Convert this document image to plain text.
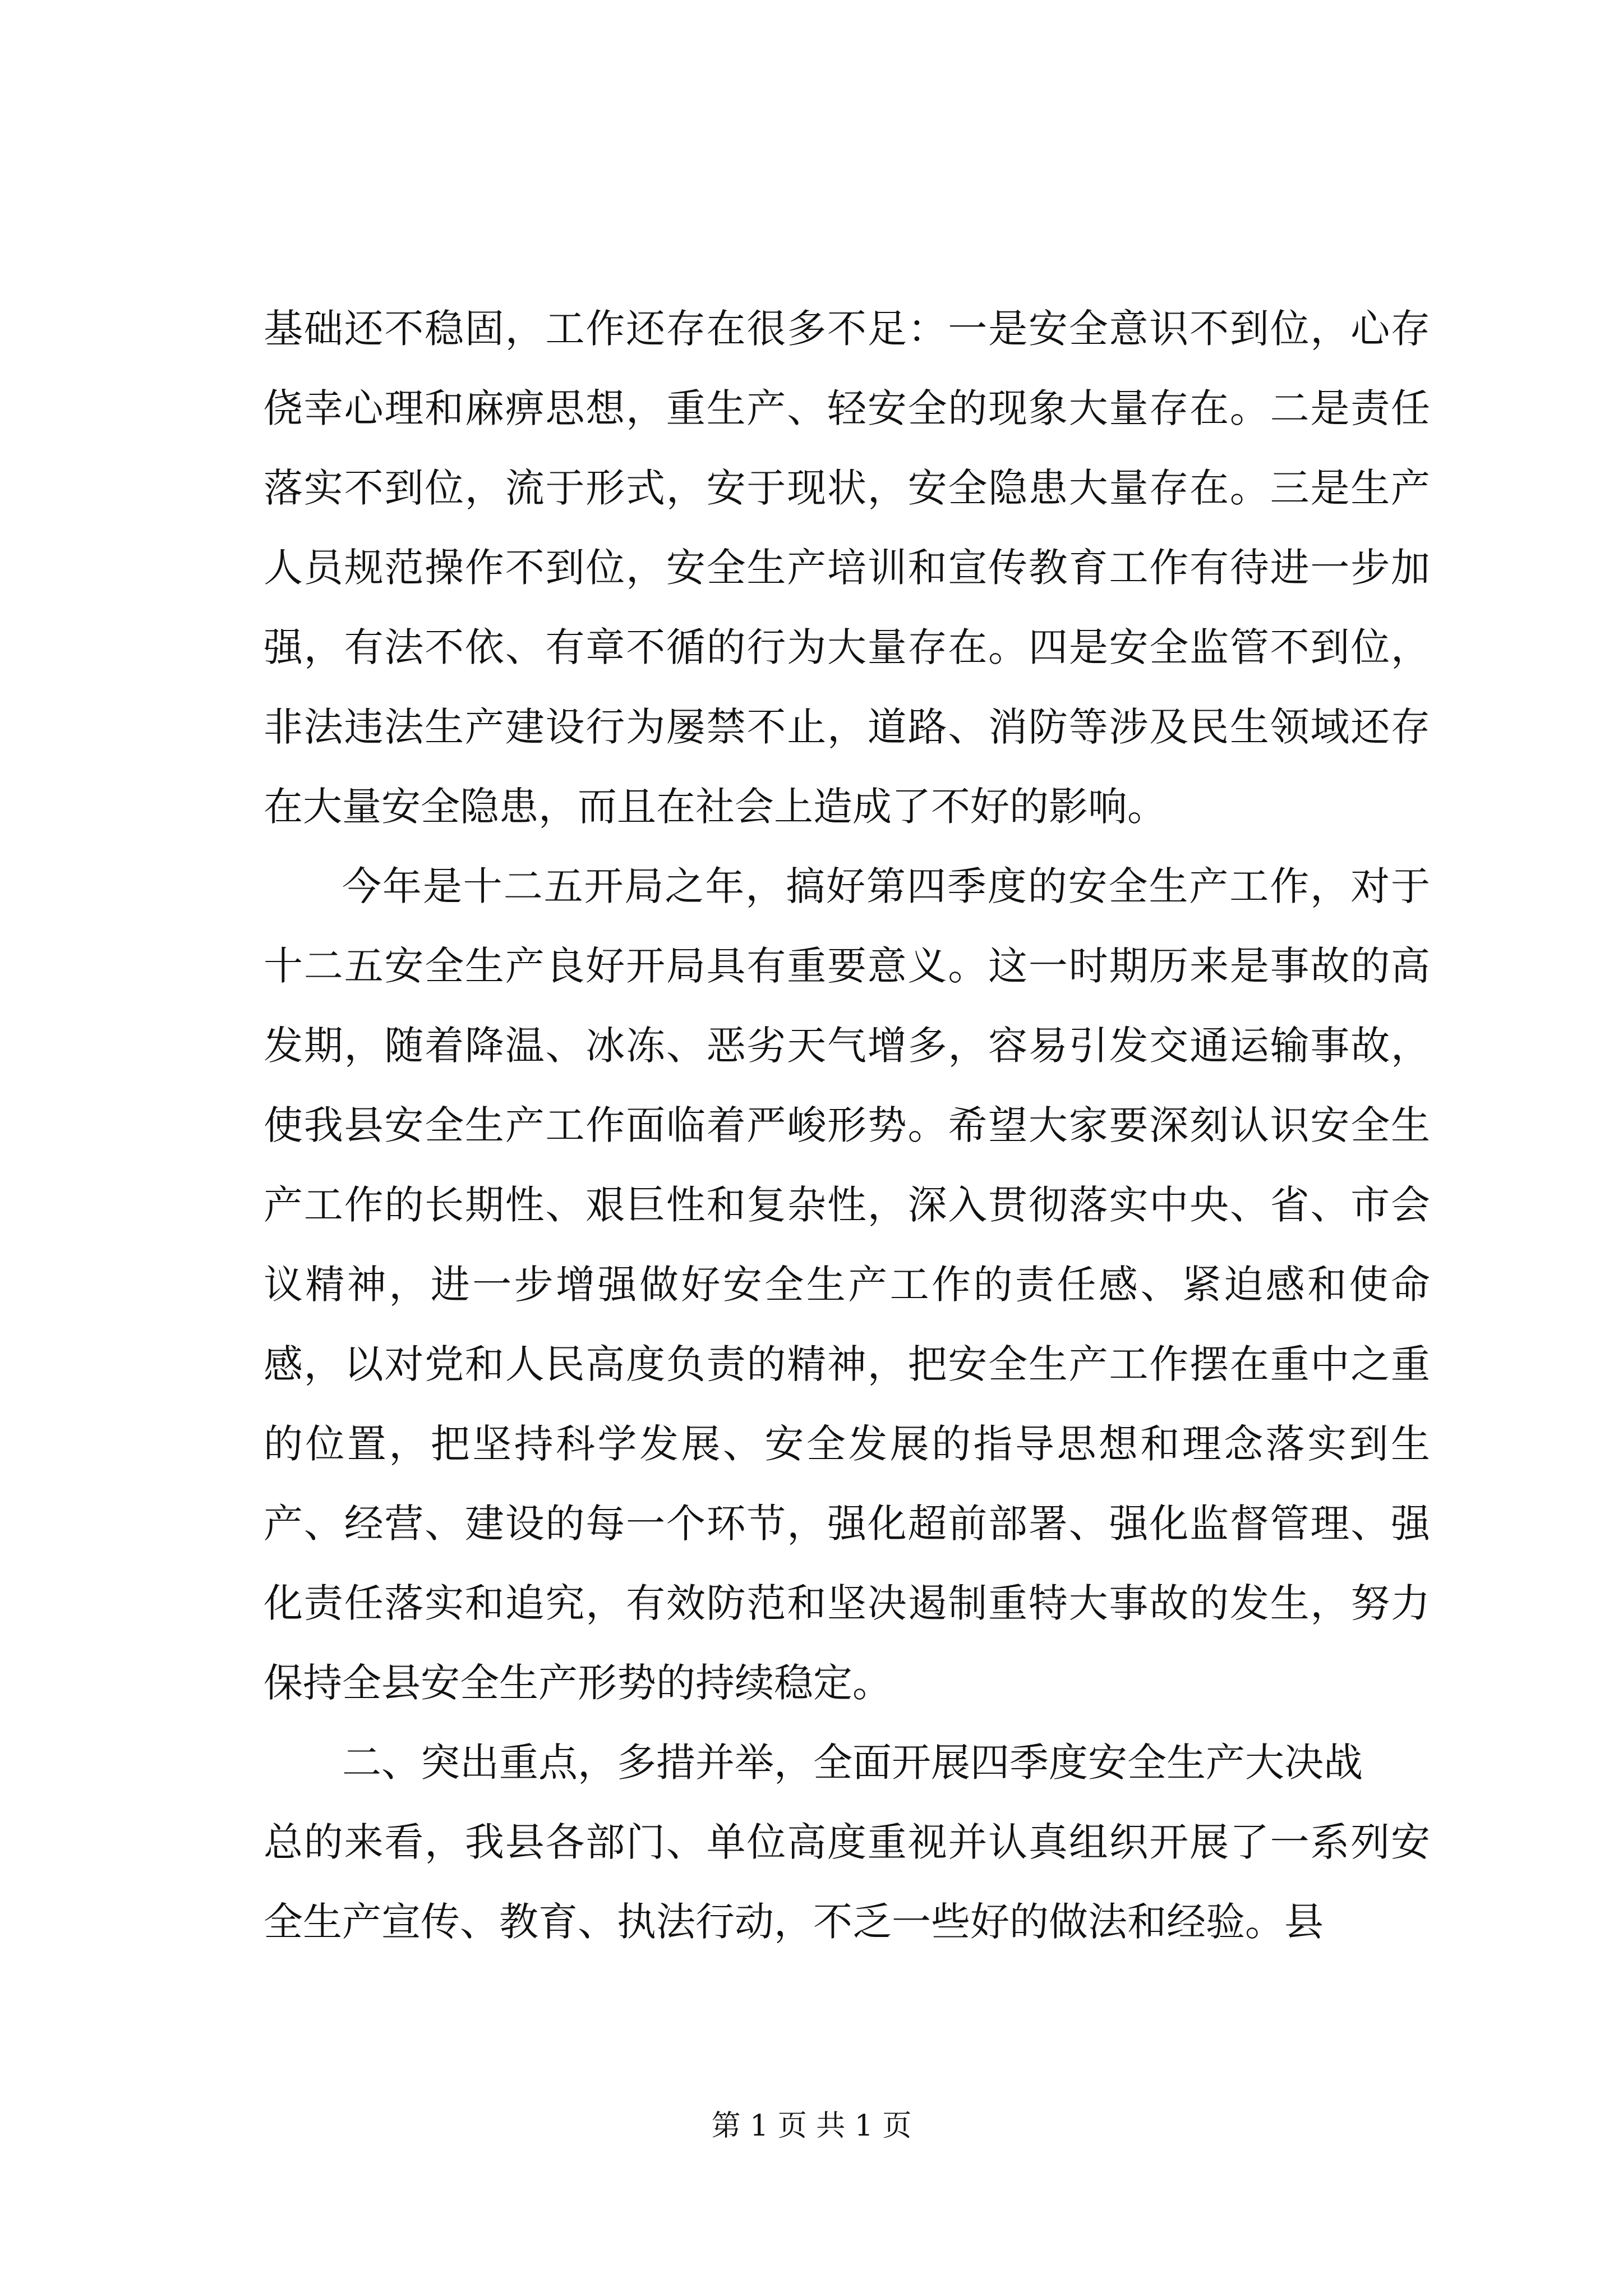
基础还不稳固，工作还存在很多不足：一是安全意识不到位，心存侥幸心理和麻痹思想，重生产、轻安全的现象大量存在。二是责任落实不到位，流于形式，安于现状，安全隐患大量存在。三是生产人员规范操作不到位，安全生产培训和宣传教育工作有待进一步加强，有法不依、有章不循的行为大量存在。四是安全监管不到位，非法违法生产建设行为屡禁不止，道路、消防等涉及民生领域还存在大量安全隐患，而且在社会上造成了不好的影响。

今年是十二五开局之年，搞好第四季度的安全生产工作，对于十二五安全生产良好开局具有重要意义。这一时期历来是事故的高发期，随着降温、冰冻、恶劣天气增多，容易引发交通运输事故，使我县安全生产工作面临着严峻形势。希望大家要深刻认识安全生产工作的长期性、艰巨性和复杂性，深入贯彻落实中央、省、市会议精神，进一步增强做好安全生产工作的责任感、紧迫感和使命感，以对党和人民高度负责的精神，把安全生产工作摆在重中之重的位置，把坚持科学发展、安全发展的指导思想和理念落实到生产、经营、建设的每一个环节，强化超前部署、强化监督管理、强化责任落实和追究，有效防范和坚决遏制重特大事故的发生，努力保持全县安全生产形势的持续稳定。

二、突出重点，多措并举，全面开展四季度安全生产大决战

总的来看，我县各部门、单位高度重视并认真组织开展了一系列安全生产宣传、教育、执法行动，不乏一些好的做法和经验。县

第 1 页 共 1 页
